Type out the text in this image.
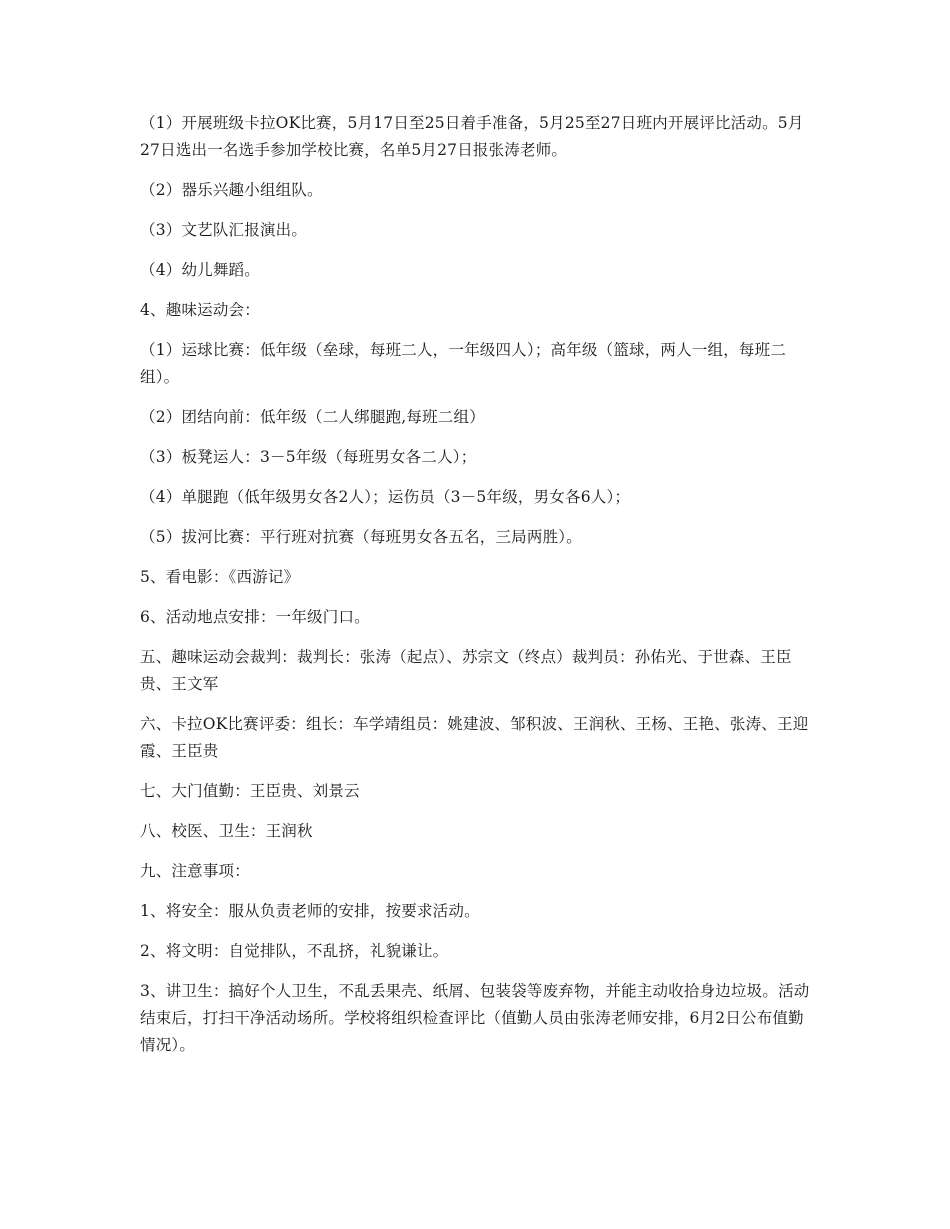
（1）开展班级卡拉OK比赛，5月17日至25日着手准备，5月25至27日班内开展评比活动。5月27日选出一名选手参加学校比赛，名单5月27日报张涛老师。

（2）器乐兴趣小组组队。

（3）文艺队汇报演出。

（4）幼儿舞蹈。

4、趣味运动会：

（1）运球比赛：低年级（垒球，每班二人，一年级四人）；高年级（篮球，两人一组，每班二组）。

（2）团结向前：低年级（二人绑腿跑,每班二组）

（3）板凳运人：3－5年级（每班男女各二人）；

（4）单腿跑（低年级男女各2人）；运伤员（3－5年级，男女各6人）；

（5）拔河比赛：平行班对抗赛（每班男女各五名，三局两胜）。

5、看电影：《西游记》

6、活动地点安排：一年级门口。

五、趣味运动会裁判：裁判长：张涛（起点）、苏宗文（终点）裁判员：孙佑光、于世森、王臣贵、王文军

六、卡拉OK比赛评委：组长：车学靖组员：姚建波、邹积波、王润秋、王杨、王艳、张涛、王迎霞、王臣贵

七、大门值勤：王臣贵、刘景云

八、校医、卫生：王润秋

九、注意事项：

1、将安全：服从负责老师的安排，按要求活动。

2、将文明：自觉排队，不乱挤，礼貌谦让。

3、讲卫生：搞好个人卫生，不乱丢果壳、纸屑、包装袋等废弃物，并能主动收拾身边垃圾。活动结束后，打扫干净活动场所。学校将组织检查评比（值勤人员由张涛老师安排，6月2日公布值勤情况）。
